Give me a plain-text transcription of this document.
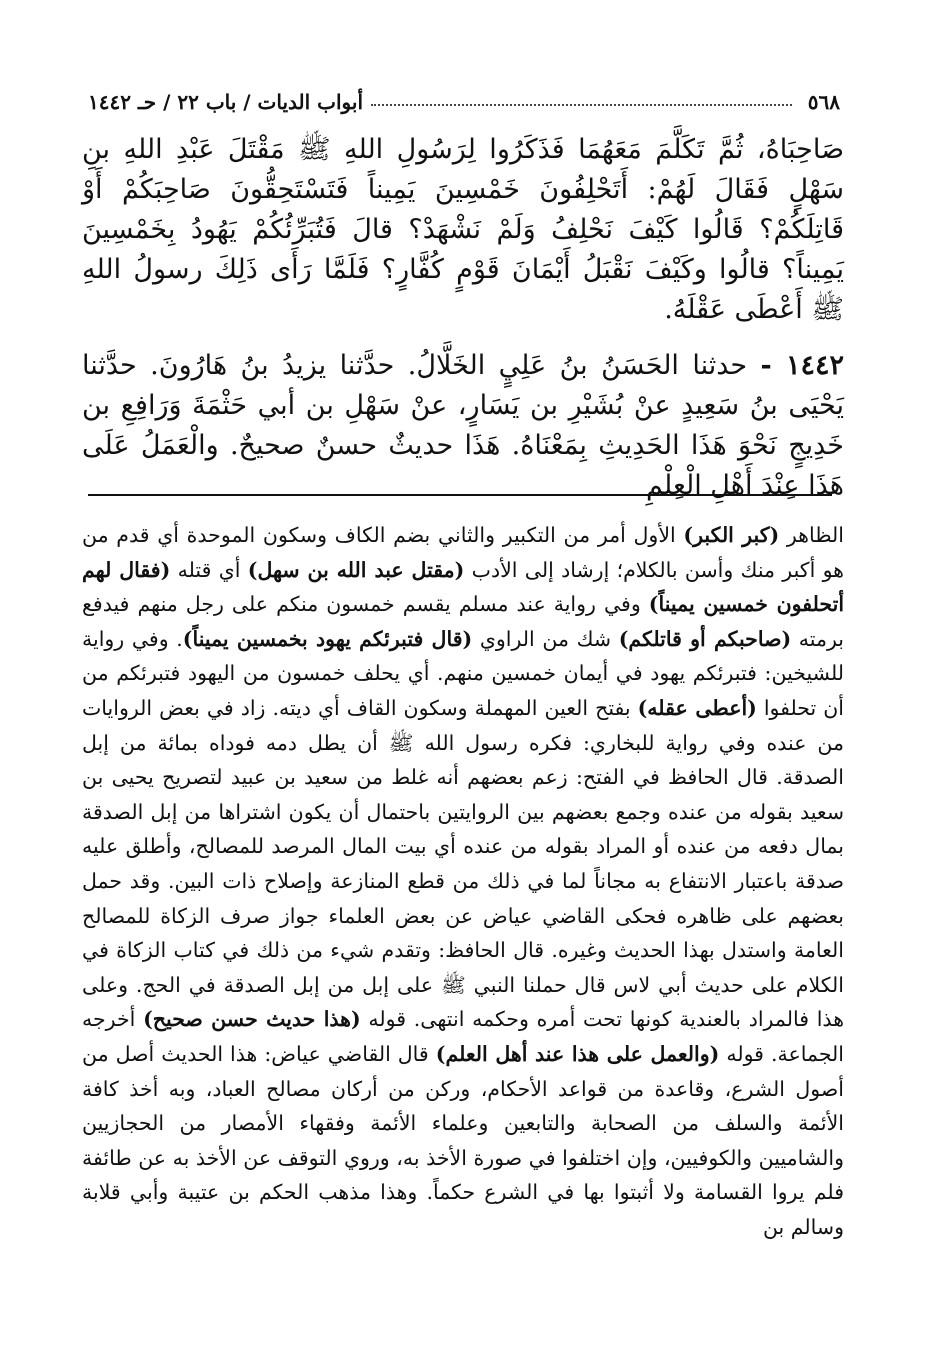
٥٦٨
أبواب الديات / باب ٢٢ / حـ ١٤٤٢

صَاحِبَاهُ، ثُمَّ تَكَلَّمَ مَعَهُمَا فَذَكَرُوا لِرَسُولِ اللهِ ﷺ مَقْتَلَ عَبْدِ اللهِ بنِ سَهْلٍ فَقَالَ لَهُمْ: أَتَحْلِفُونَ خَمْسِينَ يَمِيناً فَتَسْتَحِقُّونَ صَاحِبَكُمْ أَوْ قَاتِلَكُمْ؟ قَالُوا كَيْفَ نَحْلِفُ وَلَمْ نَشْهَدْ؟ قالَ فَتُبَرِّئُكُمْ يَهُودُ بِخَمْسِينَ يَمِيناً؟ قالُوا وكَيْفَ نَقْبَلُ أَيْمَانَ قَوْمٍ كُفَّارٍ؟ فَلَمَّا رَأَى ذَلِكَ رسولُ اللهِ ﷺ أَعْطَى عَقْلَهُ.

١٤٤٢ - حدثنا الحَسَنُ بنُ عَلِيٍ الخَلَّالُ. حدَّثنا يزيدُ بنُ هَارُونَ. حدَّثنا يَحْيَى بنُ سَعِيدٍ عنْ بُشَيْرِ بن يَسَارٍ، عنْ سَهْلِ بن أبي حَثْمَةَ وَرَافِعِ بن خَدِيجٍ نَحْوَ هَذَا الحَدِيثِ بِمَعْنَاهُ. هَذَا حديثٌ حسنٌ صحيحٌ. والْعَمَلُ عَلَى هَذَا عِنْدَ أَهْلِ الْعِلْمِ

الظاهر (كبر الكبر) الأول أمر من التكبير والثاني بضم الكاف وسكون الموحدة أي قدم من هو أكبر منك وأسن بالكلام؛ إرشاد إلى الأدب (مقتل عبد الله بن سهل) أي قتله (فقال لهم أتحلفون خمسين يميناً) وفي رواية عند مسلم يقسم خمسون منكم على رجل منهم فيدفع برمته (صاحبكم أو قاتلكم) شك من الراوي (قال فتبرئكم يهود بخمسين يميناً). وفي رواية للشيخين: فتبرئكم يهود في أيمان خمسين منهم. أي يحلف خمسون من اليهود فتبرئكم من أن تحلفوا (أعطى عقله) بفتح العين المهملة وسكون القاف أي ديته. زاد في بعض الروايات من عنده وفي رواية للبخاري: فكره رسول الله ﷺ أن يطل دمه فوداه بمائة من إبل الصدقة. قال الحافظ في الفتح: زعم بعضهم أنه غلط من سعيد بن عبيد لتصريح يحيى بن سعيد بقوله من عنده وجمع بعضهم بين الروايتين باحتمال أن يكون اشتراها من إبل الصدقة بمال دفعه من عنده أو المراد بقوله من عنده أي بيت المال المرصد للمصالح، وأطلق عليه صدقة باعتبار الانتفاع به مجاناً لما في ذلك من قطع المنازعة وإصلاح ذات البين. وقد حمل بعضهم على ظاهره فحكى القاضي عياض عن بعض العلماء جواز صرف الزكاة للمصالح العامة واستدل بهذا الحديث وغيره. قال الحافظ: وتقدم شيء من ذلك في كتاب الزكاة في الكلام على حديث أبي لاس قال حملنا النبي ﷺ على إبل من إبل الصدقة في الحج. وعلى هذا فالمراد بالعندية كونها تحت أمره وحكمه انتهى. قوله (هذا حديث حسن صحيح) أخرجه الجماعة. قوله (والعمل على هذا عند أهل العلم) قال القاضي عياض: هذا الحديث أصل من أصول الشرع، وقاعدة من قواعد الأحكام، وركن من أركان مصالح العباد، وبه أخذ كافة الأئمة والسلف من الصحابة والتابعين وعلماء الأئمة وفقهاء الأمصار من الحجازيين والشاميين والكوفيين، وإن اختلفوا في صورة الأخذ به، وروي التوقف عن الأخذ به عن طائفة فلم يروا القسامة ولا أثبتوا بها في الشرع حكماً. وهذا مذهب الحكم بن عتيبة وأبي قلابة وسالم بن
